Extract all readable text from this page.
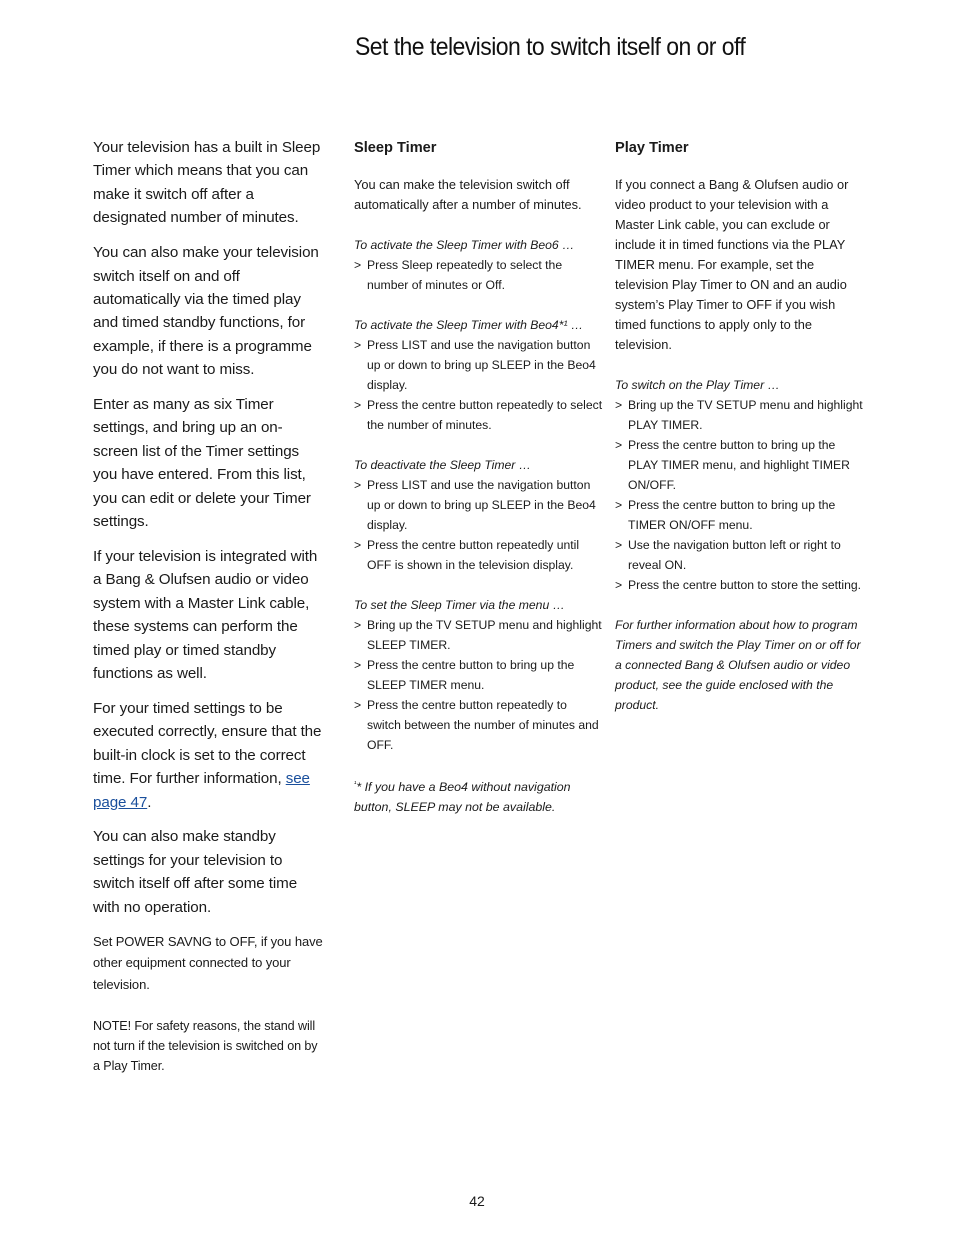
Set the television to switch itself on or off

Your television has a built in Sleep Timer which means that you can make it switch off after a designated number of minutes.

You can also make your television switch itself on and off automatically via the timed play and timed standby functions, for example, if there is a programme you do not want to miss.

Enter as many as six Timer settings, and bring up an on-screen list of the Timer settings you have entered. From this list, you can edit or delete your Timer settings.

If your television is integrated with a Bang & Olufsen audio or video system with a Master Link cable, these systems can perform the timed play or timed standby functions as well.

For your timed settings to be executed correctly, ensure that the built-in clock is set to the correct time. For further information, see page 47.

You can also make standby settings for your television to switch itself off after some time with no operation.

Set POWER SAVNG to OFF, if you have other equipment connected to your television.

NOTE! For safety reasons, the stand will not turn if the television is switched on by a Play Timer.

Sleep Timer

You can make the television switch off automatically after a number of minutes.

To activate the Sleep Timer with Beo6 …

> Press Sleep repeatedly to select the number of minutes or Off.

To activate the Sleep Timer with Beo4*¹ …

> Press LIST and use the navigation button up or down to bring up SLEEP in the Beo4 display.
> Press the centre button repeatedly to select the number of minutes.

To deactivate the Sleep Timer …

> Press LIST and use the navigation button up or down to bring up SLEEP in the Beo4 display.
> Press the centre button repeatedly until OFF is shown in the television display.

To set the Sleep Timer via the menu …

> Bring up the TV SETUP menu and highlight SLEEP TIMER.
> Press the centre button to bring up the SLEEP TIMER menu.
> Press the centre button repeatedly to switch between the number of minutes and OFF.

$^{^1}$* If you have a Beo4 without navigation button, SLEEP may not be available.

Play Timer

If you connect a Bang & Olufsen audio or video product to your television with a Master Link cable, you can exclude or include it in timed functions via the PLAY TIMER menu. For example, set the television Play Timer to ON and an audio system’s Play Timer to OFF if you wish timed functions to apply only to the television.

To switch on the Play Timer …

> Bring up the TV SETUP menu and highlight PLAY TIMER.
> Press the centre button to bring up the PLAY TIMER menu, and highlight TIMER ON/OFF.
> Press the centre button to bring up the TIMER ON/OFF menu.
> Use the navigation button left or right to reveal ON.
> Press the centre button to store the setting.

For further information about how to program Timers and switch the Play Timer on or off for a connected Bang & Olufsen audio or video product, see the guide enclosed with the product.

42
